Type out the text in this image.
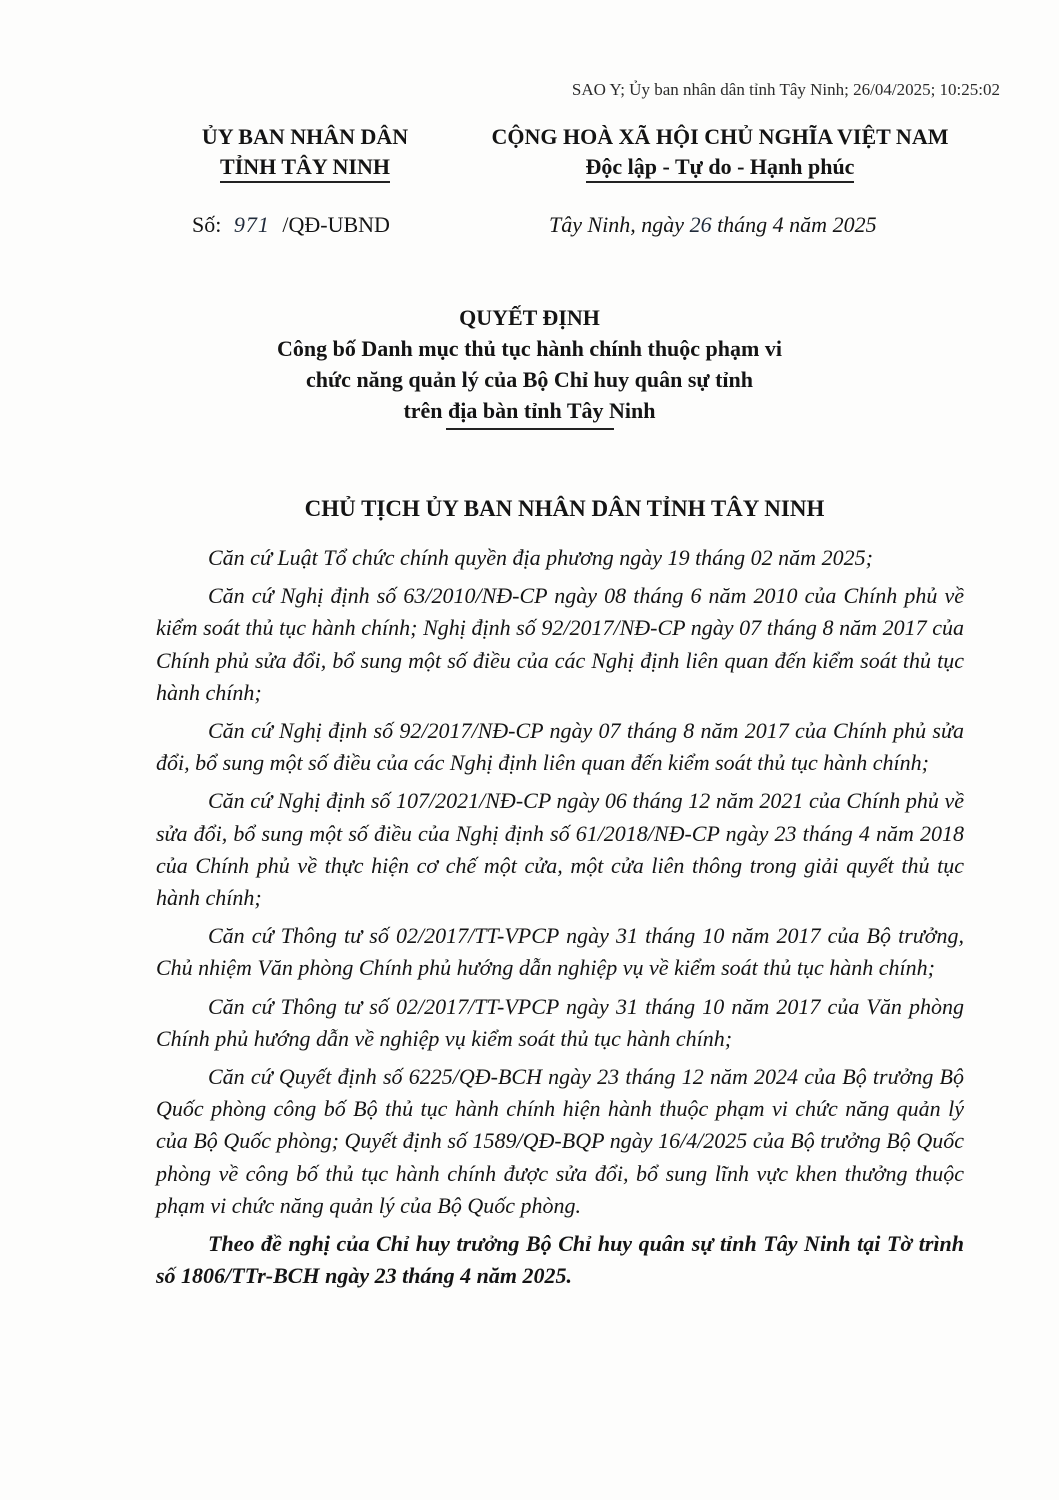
SAO Y; Ủy ban nhân dân tỉnh Tây Ninh; 26/04/2025; 10:25:02
ỦY BAN NHÂN DÂN
TỈNH TÂY NINH
CỘNG HOÀ XÃ HỘI CHỦ NGHĨA VIỆT NAM
Độc lập - Tự do - Hạnh phúc
Số: 971 /QĐ-UBND	Tây Ninh, ngày 26 tháng 4 năm 2025
QUYẾT ĐỊNH
Công bố Danh mục thủ tục hành chính thuộc phạm vi
chức năng quản lý của Bộ Chỉ huy quân sự tỉnh
trên địa bàn tỉnh Tây Ninh
CHỦ TỊCH ỦY BAN NHÂN DÂN TỈNH TÂY NINH

Căn cứ Luật Tổ chức chính quyền địa phương ngày 19 tháng 02 năm 2025;

Căn cứ Nghị định số 63/2010/NĐ-CP ngày 08 tháng 6 năm 2010 của Chính phủ về kiểm soát thủ tục hành chính; Nghị định số 92/2017/NĐ-CP ngày 07 tháng 8 năm 2017 của Chính phủ sửa đổi, bổ sung một số điều của các Nghị định liên quan đến kiểm soát thủ tục hành chính;

Căn cứ Nghị định số 92/2017/NĐ-CP ngày 07 tháng 8 năm 2017 của Chính phủ sửa đổi, bổ sung một số điều của các Nghị định liên quan đến kiểm soát thủ tục hành chính;

Căn cứ Nghị định số 107/2021/NĐ-CP ngày 06 tháng 12 năm 2021 của Chính phủ về sửa đổi, bổ sung một số điều của Nghị định số 61/2018/NĐ-CP ngày 23 tháng 4 năm 2018 của Chính phủ về thực hiện cơ chế một cửa, một cửa liên thông trong giải quyết thủ tục hành chính;

Căn cứ Thông tư số 02/2017/TT-VPCP ngày 31 tháng 10 năm 2017 của Bộ trưởng, Chủ nhiệm Văn phòng Chính phủ hướng dẫn nghiệp vụ về kiểm soát thủ tục hành chính;

Căn cứ Thông tư số 02/2017/TT-VPCP ngày 31 tháng 10 năm 2017 của Văn phòng Chính phủ hướng dẫn về nghiệp vụ kiểm soát thủ tục hành chính;

Căn cứ Quyết định số 6225/QĐ-BCH ngày 23 tháng 12 năm 2024 của Bộ trưởng Bộ Quốc phòng công bố Bộ thủ tục hành chính hiện hành thuộc phạm vi chức năng quản lý của Bộ Quốc phòng; Quyết định số 1589/QĐ-BQP ngày 16/4/2025 của Bộ trưởng Bộ Quốc phòng về công bố thủ tục hành chính được sửa đổi, bổ sung lĩnh vực khen thưởng thuộc phạm vi chức năng quản lý của Bộ Quốc phòng.

Theo đề nghị của Chỉ huy trưởng Bộ Chỉ huy quân sự tỉnh Tây Ninh tại Tờ trình số 1806/TTr-BCH ngày 23 tháng 4 năm 2025.
